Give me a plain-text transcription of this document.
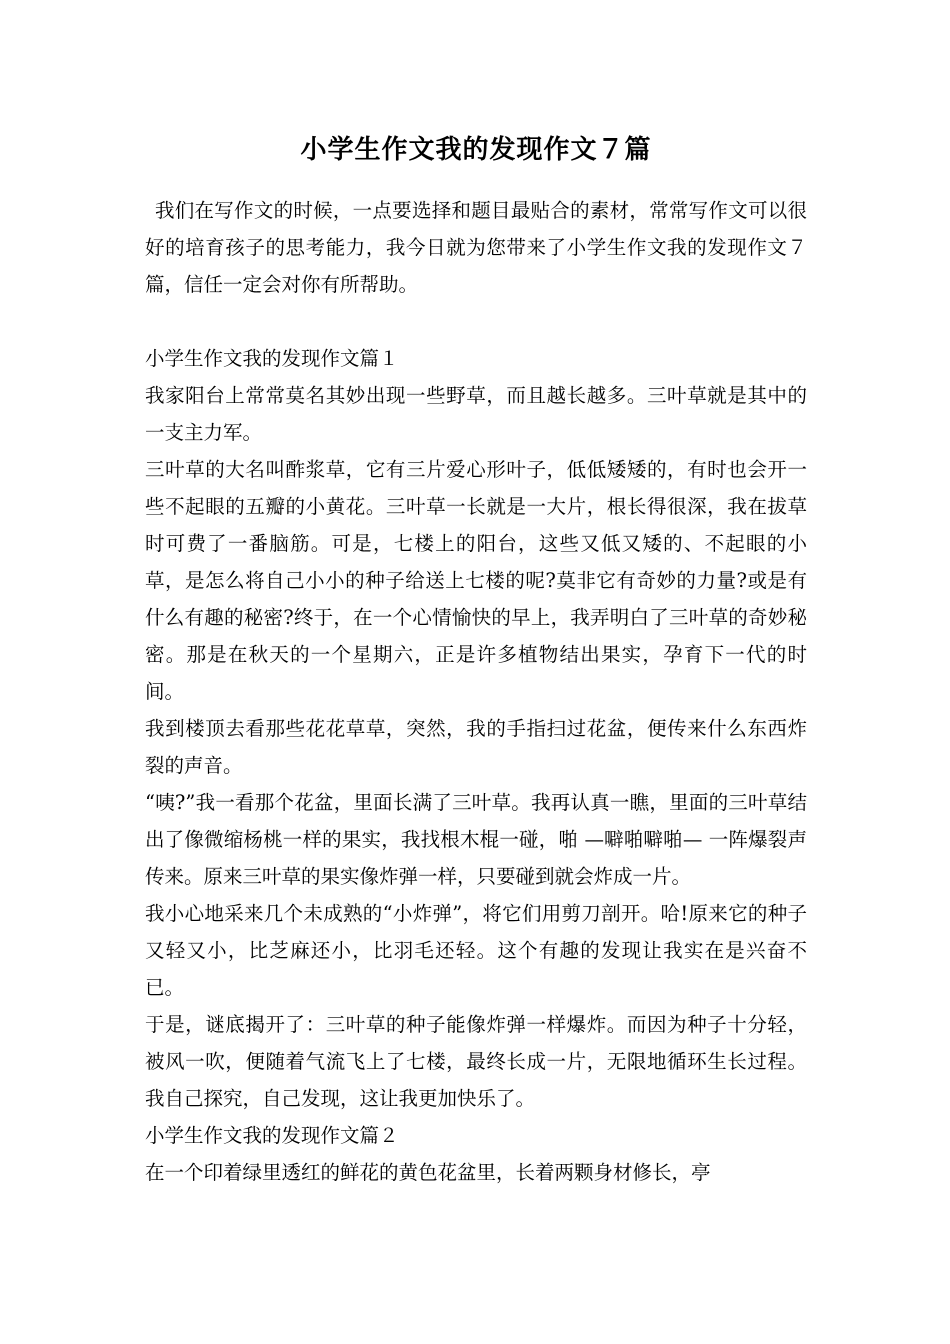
小学生作文我的发现作文７篇

我们在写作文的时候，一点要选择和题目最贴合的素材，常常写作文可以很好的培育孩子的思考能力，我今日就为您带来了小学生作文我的发现作文７篇，信任一定会对你有所帮助。

小学生作文我的发现作文篇１

我家阳台上常常莫名其妙出现一些野草，而且越长越多。三叶草就是其中的一支主力军。

三叶草的大名叫酢浆草，它有三片爱心形叶子，低低矮矮的，有时也会开一些不起眼的五瓣的小黄花。三叶草一长就是一大片，根长得很深，我在拔草时可费了一番脑筋。可是，七楼上的阳台，这些又低又矮的、不起眼的小草，是怎么将自己小小的种子给送上七楼的呢?莫非它有奇妙的力量?或是有什么有趣的秘密?终于，在一个心情愉快的早上，我弄明白了三叶草的奇妙秘密。那是在秋天的一个星期六，正是许多植物结出果实，孕育下一代的时间。

我到楼顶去看那些花花草草，突然，我的手指扫过花盆，便传来什么东西炸裂的声音。

“咦?”我一看那个花盆，里面长满了三叶草。我再认真一瞧，里面的三叶草结出了像微缩杨桃一样的果实，我找根木棍一碰，啪 —噼啪噼啪— 一阵爆裂声传来。原来三叶草的果实像炸弹一样，只要碰到就会炸成一片。

我小心地采来几个未成熟的“小炸弹”，将它们用剪刀剖开。哈!原来它的种子又轻又小，比芝麻还小，比羽毛还轻。这个有趣的发现让我实在是兴奋不已。

于是，谜底揭开了：三叶草的种子能像炸弹一样爆炸。而因为种子十分轻，被风一吹，便随着气流飞上了七楼，最终长成一片，无限地循环生长过程。我自己探究，自己发现，这让我更加快乐了。

小学生作文我的发现作文篇２

在一个印着绿里透红的鲜花的黄色花盆里，长着两颗身材修长，亭
